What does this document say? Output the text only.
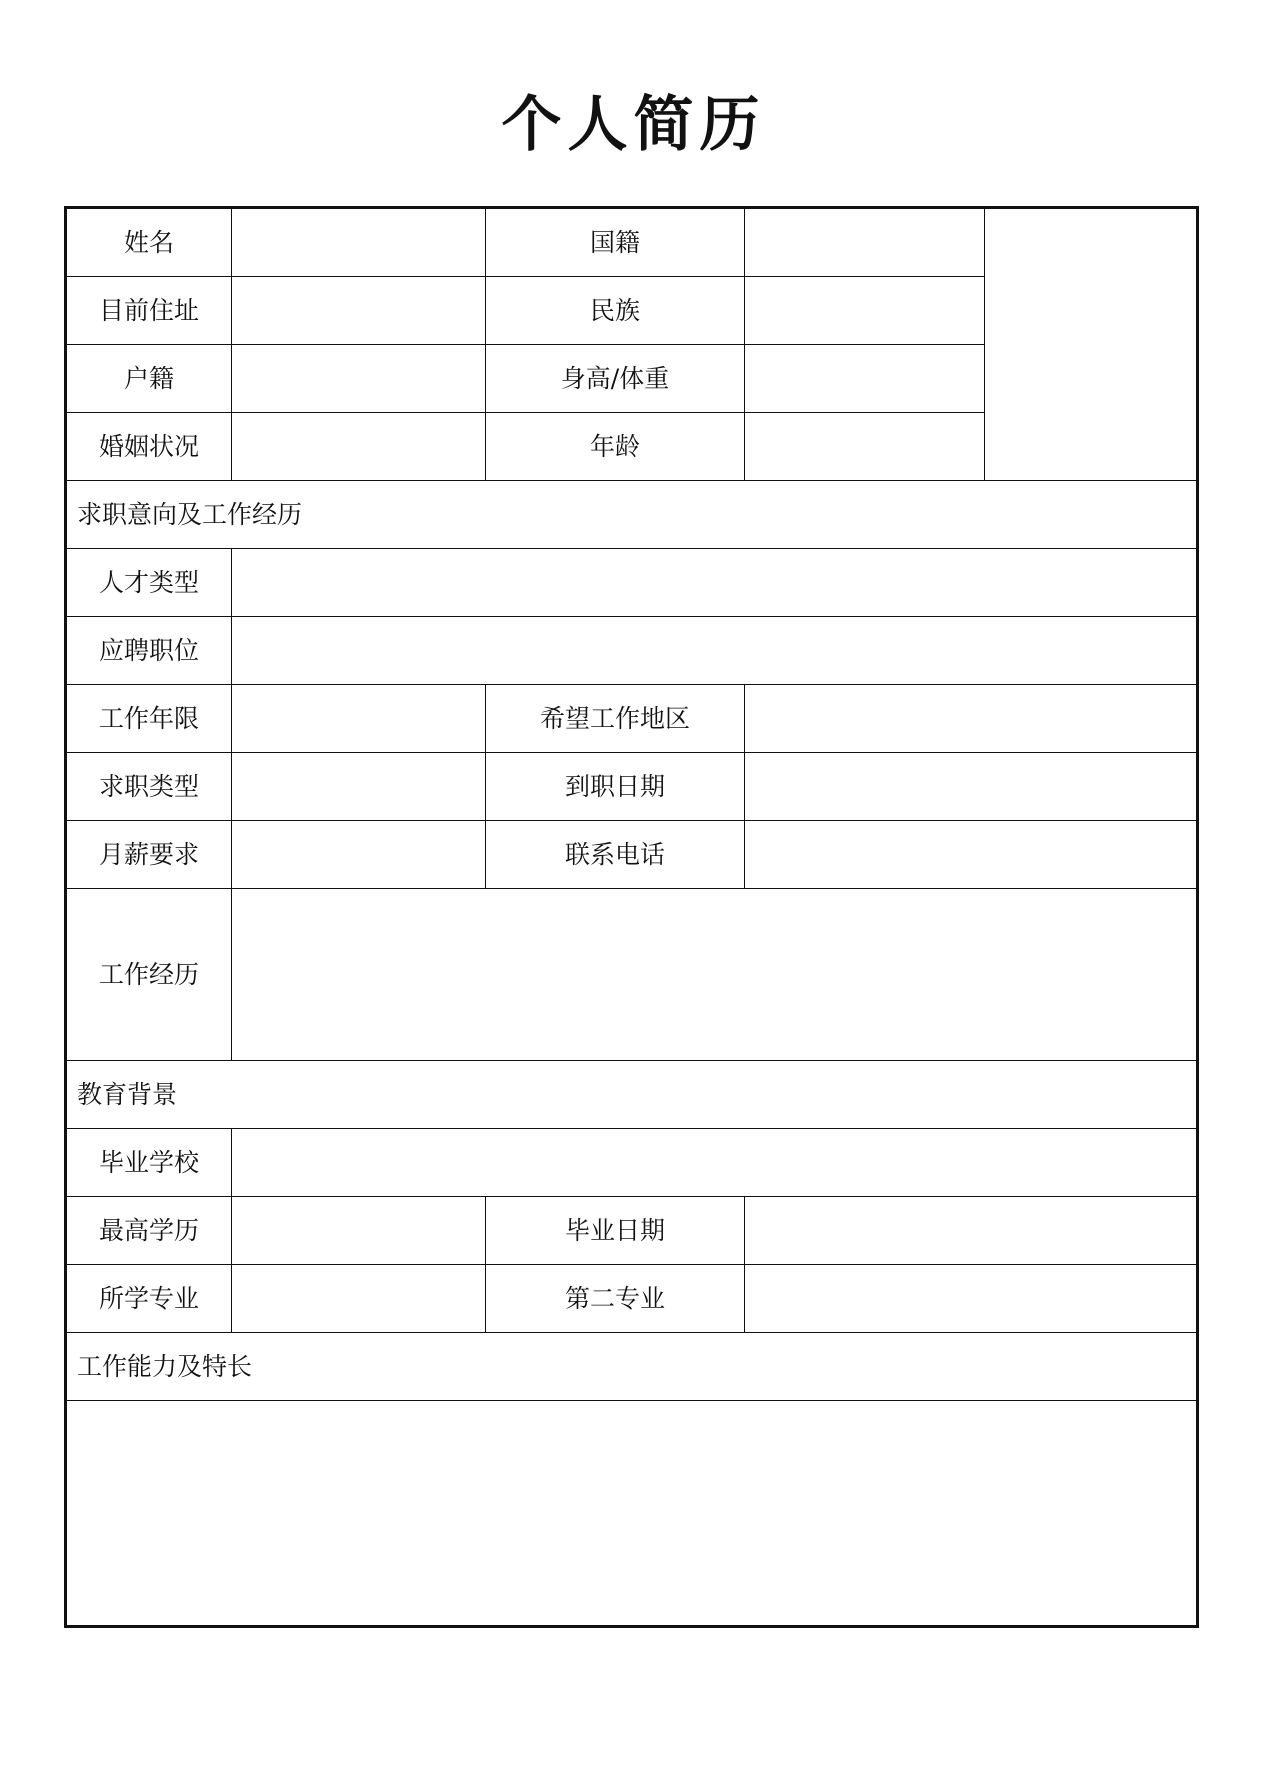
个人简历
姓名	国籍
目前住址	民族
户籍	身高/体重
婚姻状况	年龄
求职意向及工作经历
人才类型
应聘职位
工作年限	希望工作地区
求职类型	到职日期
月薪要求	联系电话
工作经历
教育背景
毕业学校
最高学历	毕业日期
所学专业	第二专业
工作能力及特长
